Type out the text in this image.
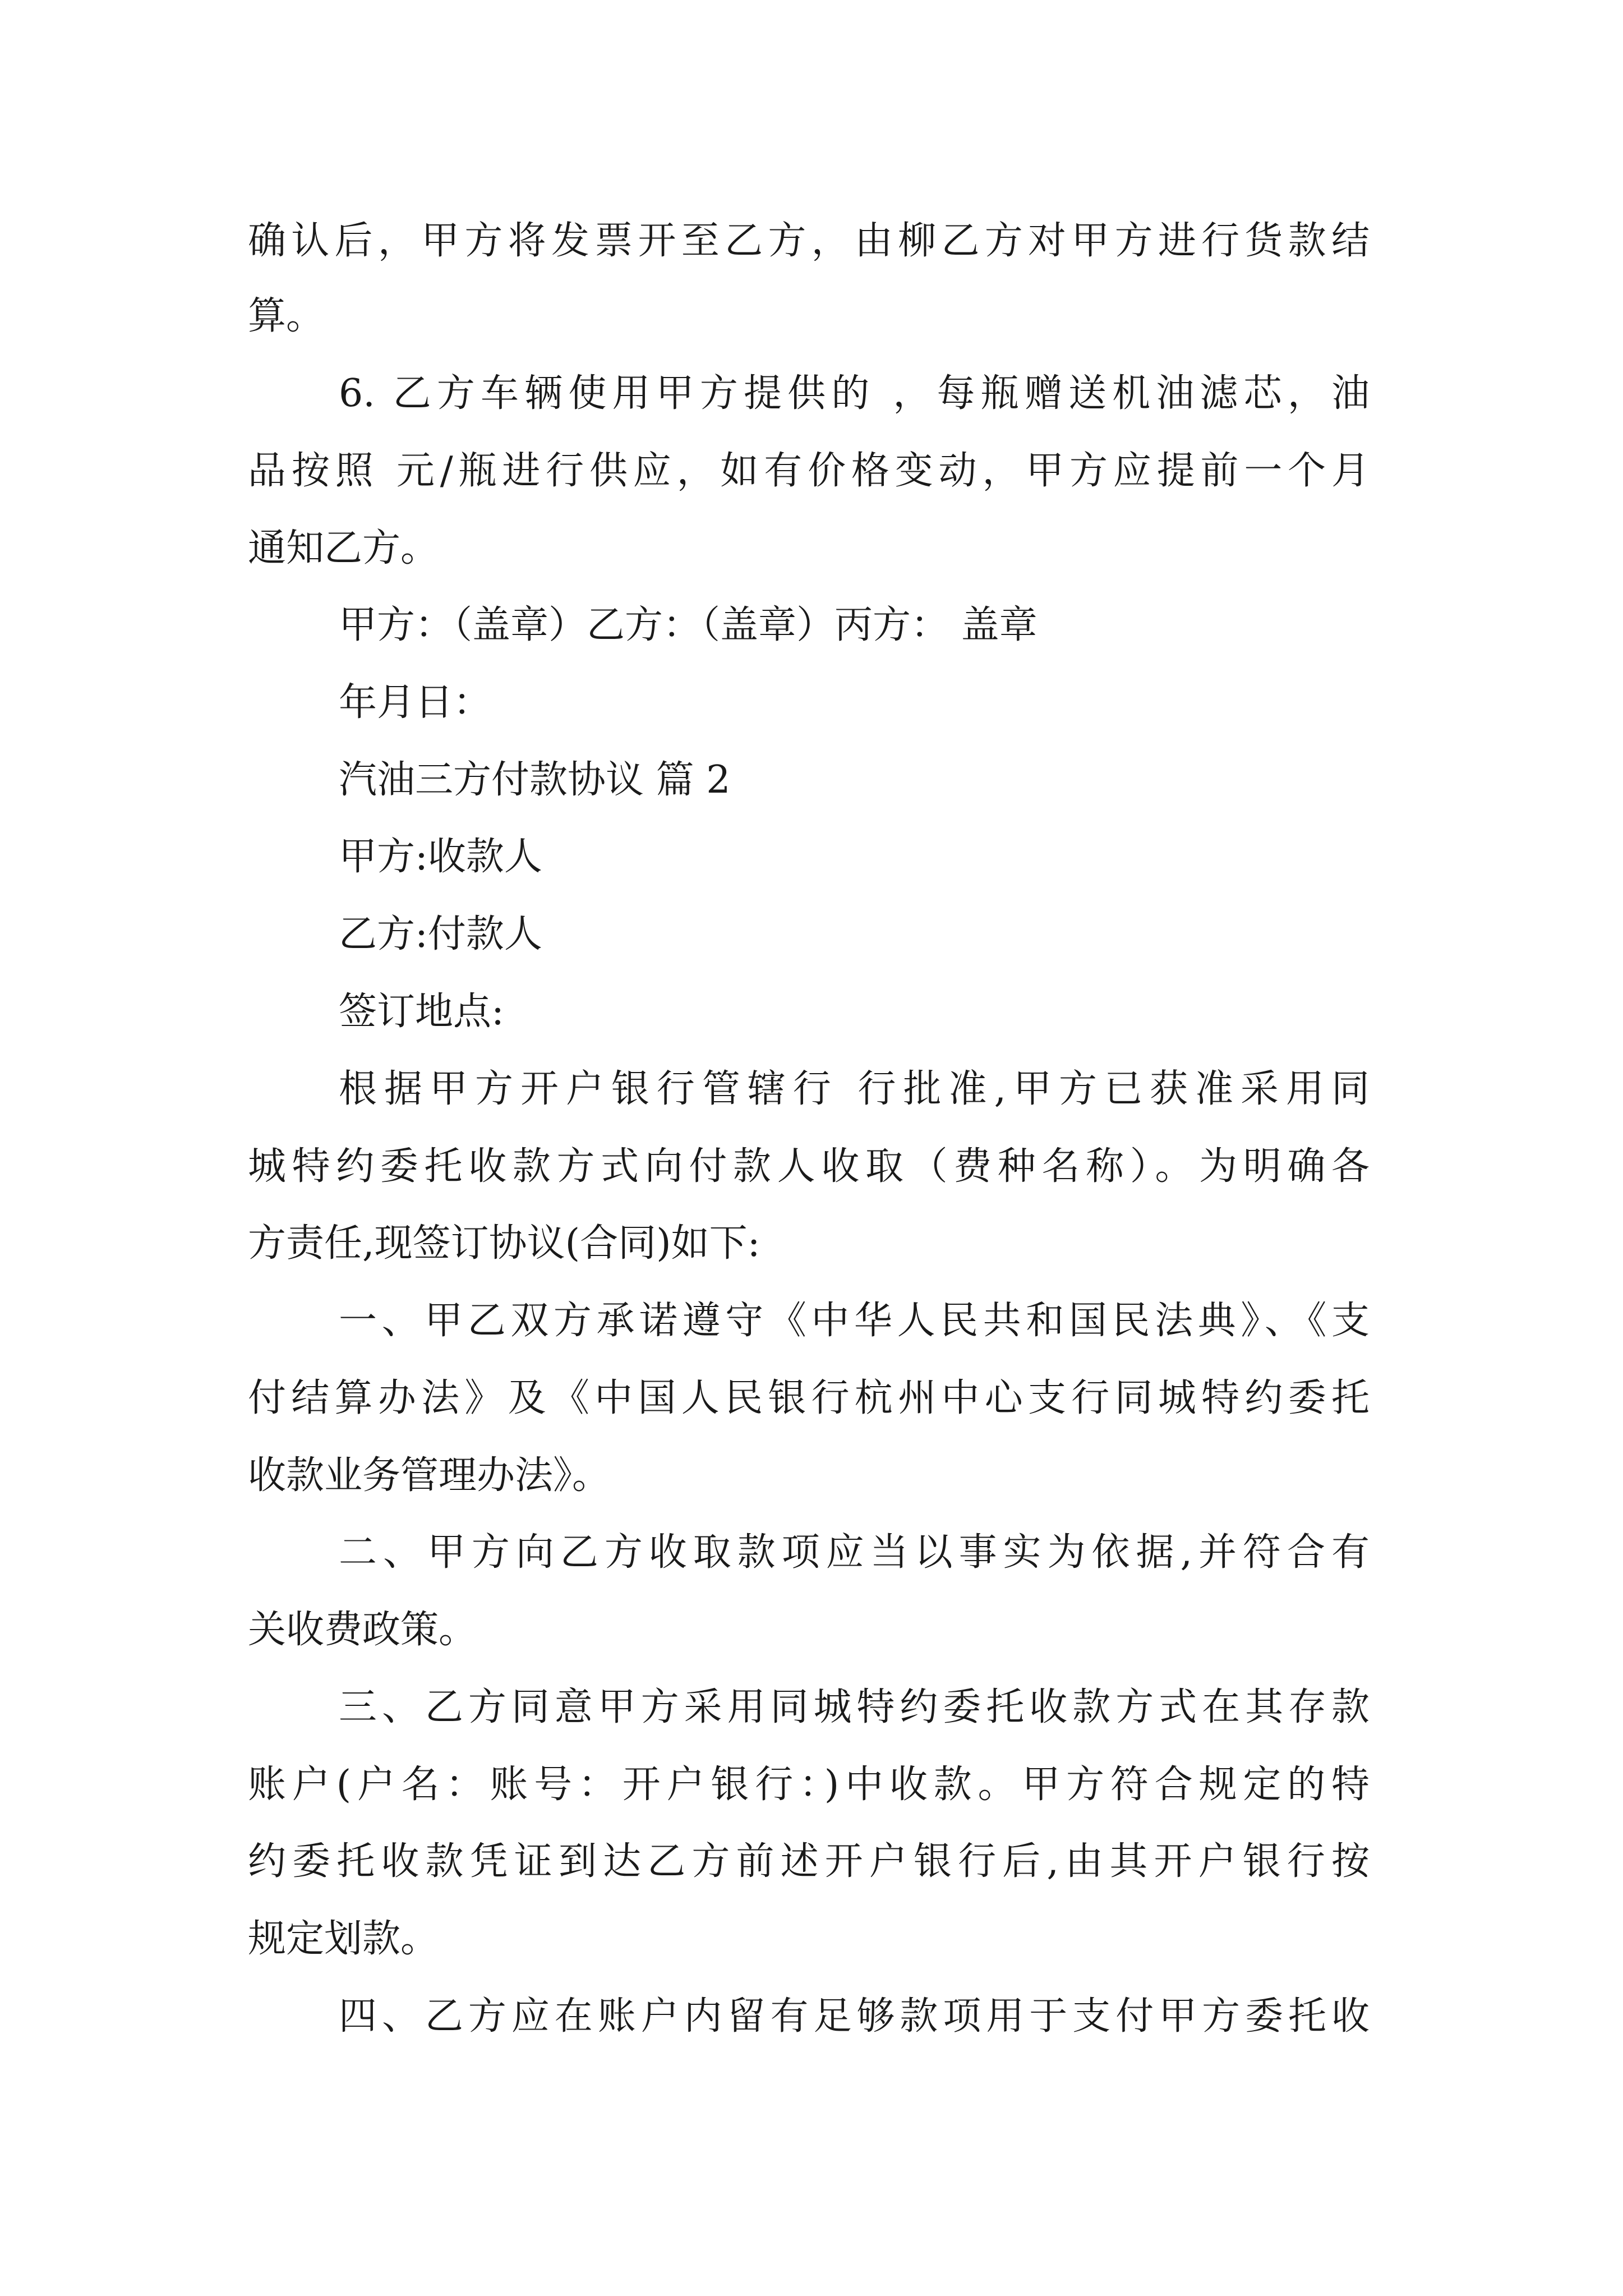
确认后，甲方将发票开至乙方，由柳乙方对甲方进行货款结
算。
6. 乙方车辆使用甲方提供的 ，每瓶赠送机油滤芯，油
品按照 元/瓶进行供应，如有价格变动，甲方应提前一个月
通知乙方。
甲方：（盖章）乙方：（盖章）丙方： 盖章
年月日：
汽油三方付款协议 篇 2
甲方:收款人
乙方:付款人
签订地点:
根据甲方开户银行管辖行 行批准,甲方已获准采用同
城特约委托收款方式向付款人收取（费种名称）。为明确各
方责任,现签订协议(合同)如下:
一、甲乙双方承诺遵守《中华人民共和国民法典》、《支
付结算办法》及《中国人民银行杭州中心支行同城特约委托
收款业务管理办法》。
二、甲方向乙方收取款项应当以事实为依据,并符合有
关收费政策。
三、乙方同意甲方采用同城特约委托收款方式在其存款
账户(户名：账号：开户银行：)中收款。甲方符合规定的特
约委托收款凭证到达乙方前述开户银行后,由其开户银行按
规定划款。
四、乙方应在账户内留有足够款项用于支付甲方委托收
